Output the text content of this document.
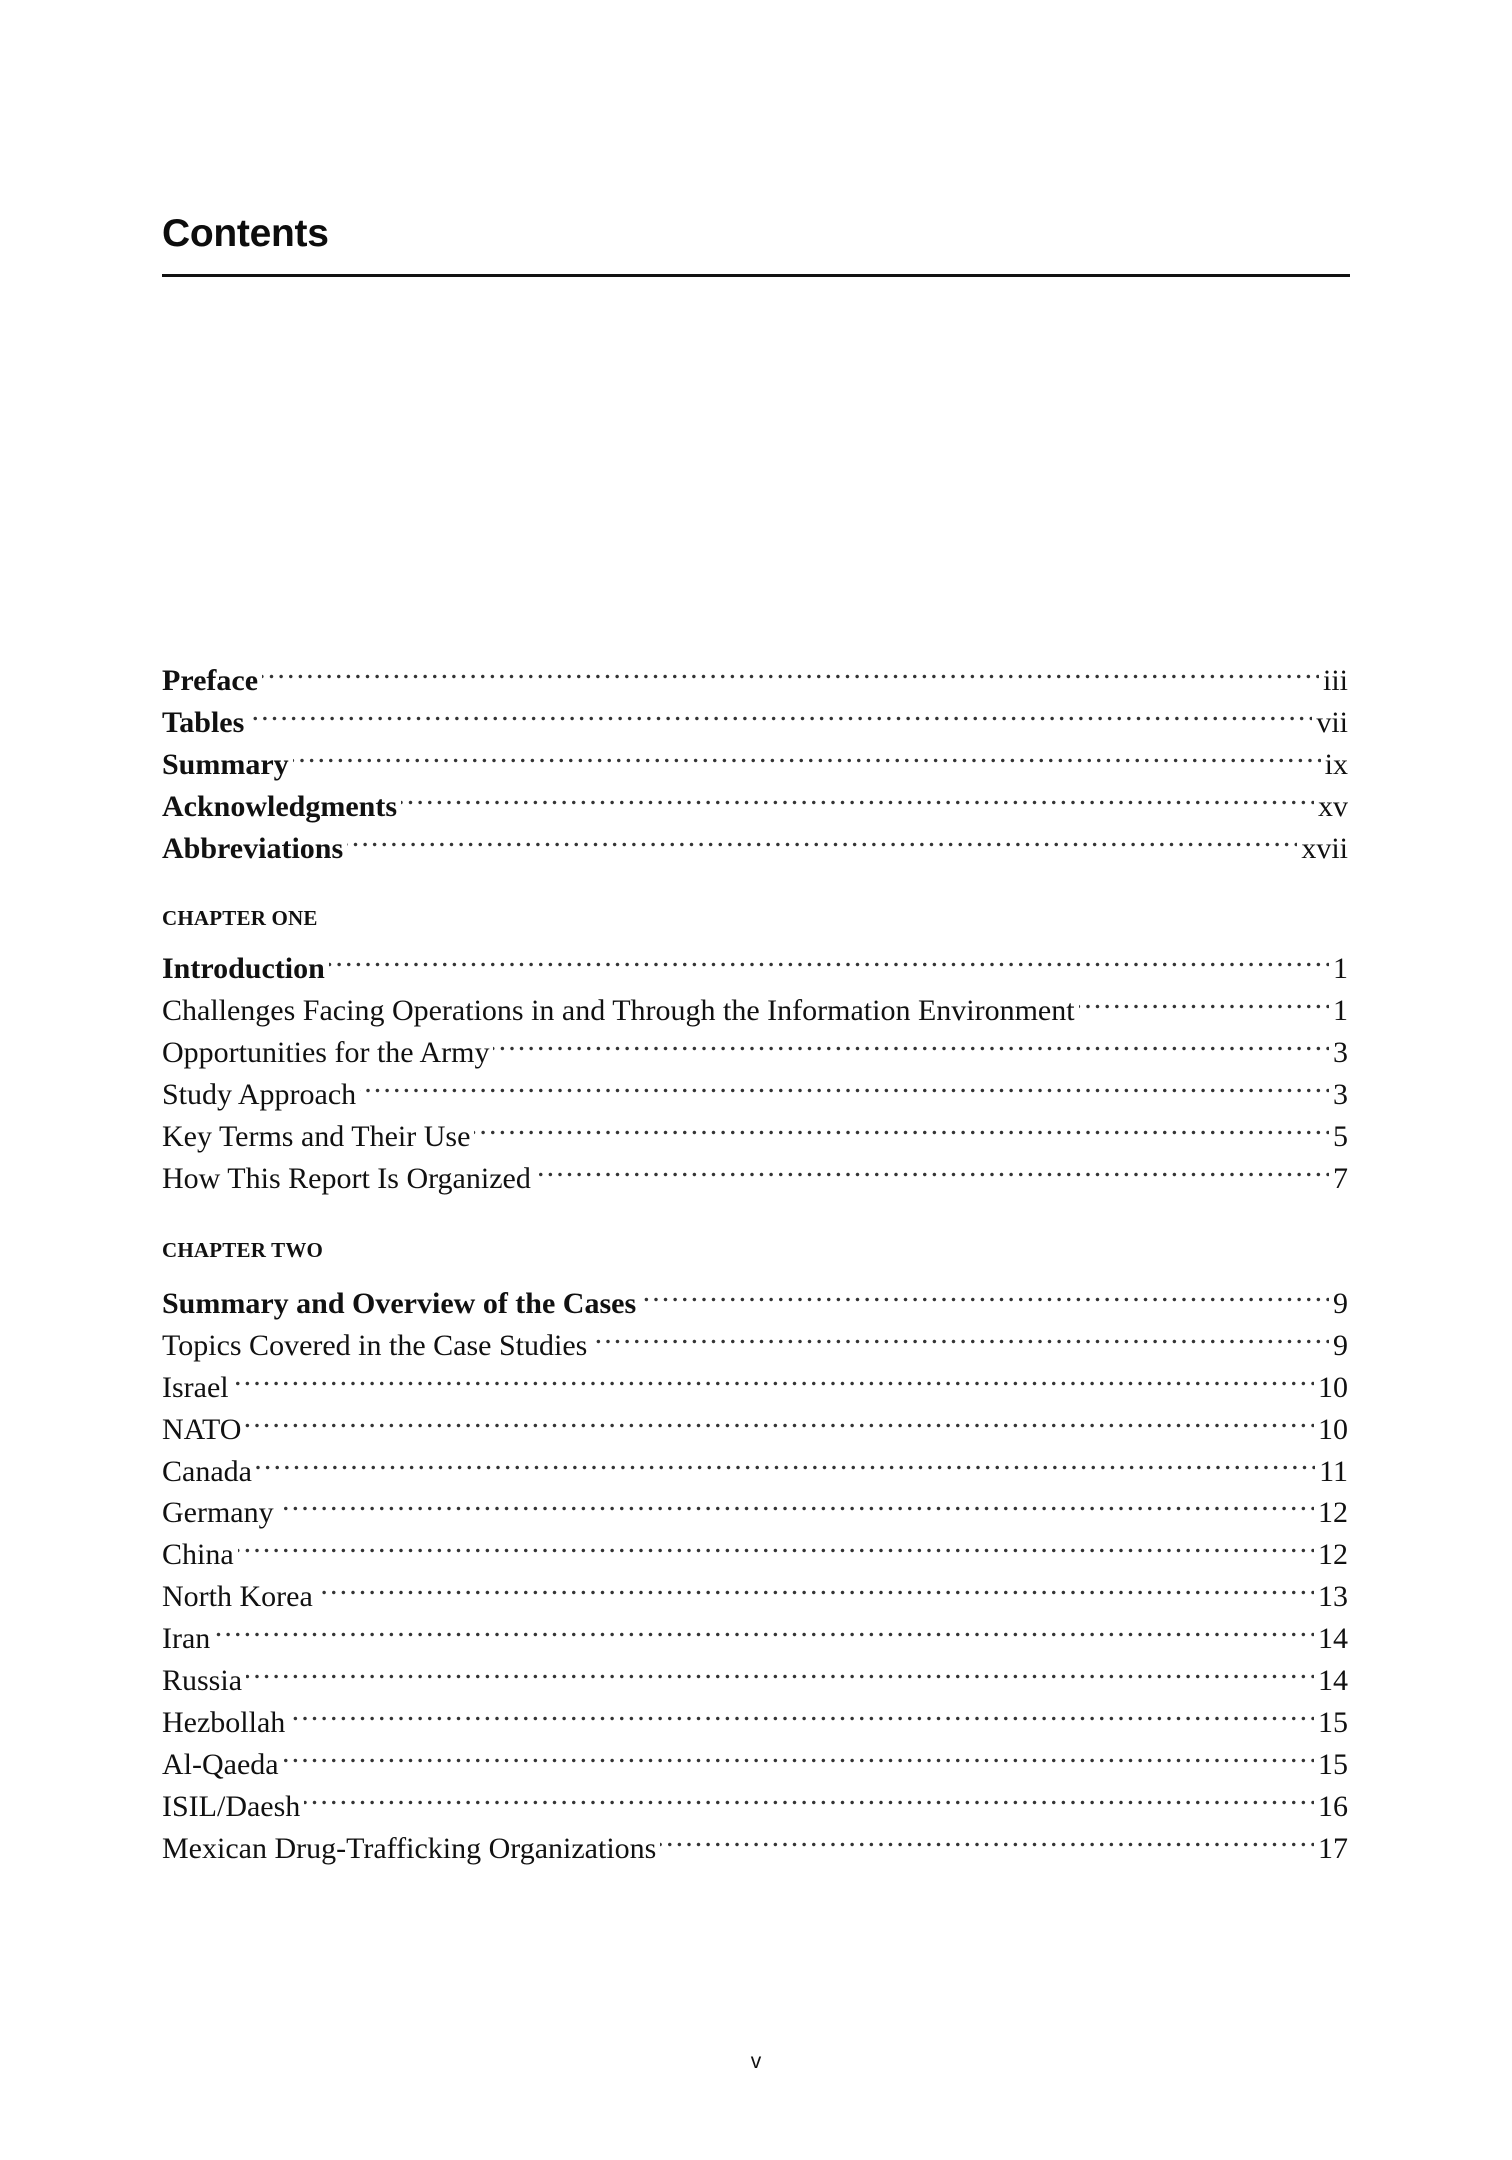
Contents
Preface . . .	iii
Tables . . .	vii
Summary . . .	ix
Acknowledgments . . .	xv
Abbreviations . . .	xvii
CHAPTER ONE
Introduction . . .	1
Challenges Facing Operations in and Through the Information Environment . . .	1
Opportunities for the Army . . .	3
Study Approach . . .	3
Key Terms and Their Use . . .	5
How This Report Is Organized . . .	7
CHAPTER TWO
Summary and Overview of the Cases . . .	9
Topics Covered in the Case Studies . . .	9
Israel . . .	10
NATO . . .	10
Canada . . .	11
Germany . . .	12
China . . .	12
North Korea . . .	13
Iran . . .	14
Russia . . .	14
Hezbollah . . .	15
Al-Qaeda . . .	15
ISIL/Daesh . . .	16
Mexican Drug-Trafficking Organizations . . .	17
v
